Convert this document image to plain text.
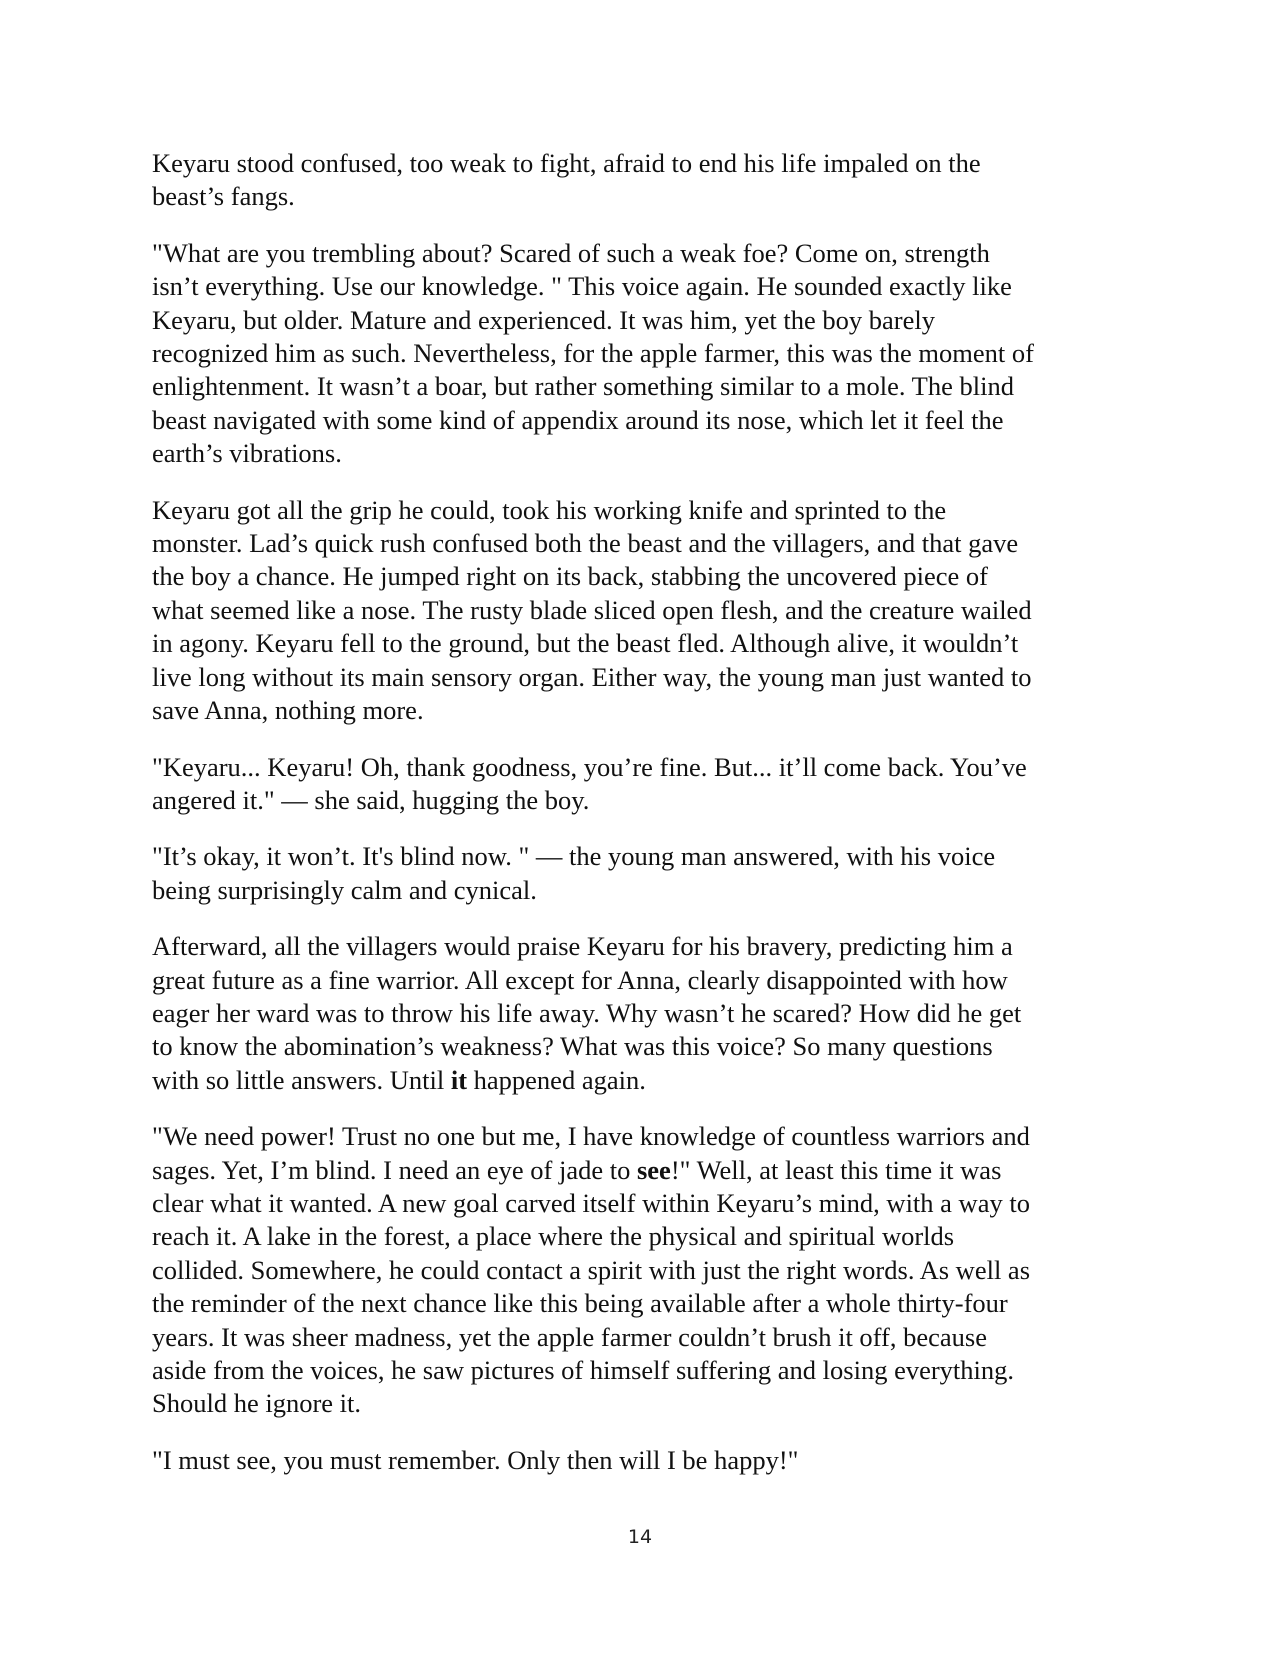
Keyaru stood confused, too weak to fight, afraid to end his life impaled on the
beast’s fangs.

"What are you trembling about? Scared of such a weak foe? Come on, strength
isn’t everything. Use our knowledge. " This voice again. He sounded exactly like
Keyaru, but older. Mature and experienced. It was him, yet the boy barely
recognized him as such. Nevertheless, for the apple farmer, this was the moment of
enlightenment. It wasn’t a boar, but rather something similar to a mole. The blind
beast navigated with some kind of appendix around its nose, which let it feel the
earth’s vibrations.

Keyaru got all the grip he could, took his working knife and sprinted to the
monster. Lad’s quick rush confused both the beast and the villagers, and that gave
the boy a chance. He jumped right on its back, stabbing the uncovered piece of
what seemed like a nose. The rusty blade sliced open flesh, and the creature wailed
in agony. Keyaru fell to the ground, but the beast fled. Although alive, it wouldn’t
live long without its main sensory organ. Either way, the young man just wanted to
save Anna, nothing more.

"Keyaru... Keyaru! Oh, thank goodness, you’re fine. But... it’ll come back. You’ve
angered it." — she said, hugging the boy.

"It’s okay, it won’t. It's blind now. " — the young man answered, with his voice
being surprisingly calm and cynical.

Afterward, all the villagers would praise Keyaru for his bravery, predicting him a
great future as a fine warrior. All except for Anna, clearly disappointed with how
eager her ward was to throw his life away. Why wasn’t he scared? How did he get
to know the abomination’s weakness? What was this voice? So many questions
with so little answers. Until it happened again.

"We need power! Trust no one but me, I have knowledge of countless warriors and
sages. Yet, I’m blind. I need an eye of jade to see!" Well, at least this time it was
clear what it wanted. A new goal carved itself within Keyaru’s mind, with a way to
reach it. A lake in the forest, a place where the physical and spiritual worlds
collided. Somewhere, he could contact a spirit with just the right words. As well as
the reminder of the next chance like this being available after a whole thirty-four
years. It was sheer madness, yet the apple farmer couldn’t brush it off, because
aside from the voices, he saw pictures of himself suffering and losing everything.
Should he ignore it.

"I must see, you must remember. Only then will I be happy!"

14
